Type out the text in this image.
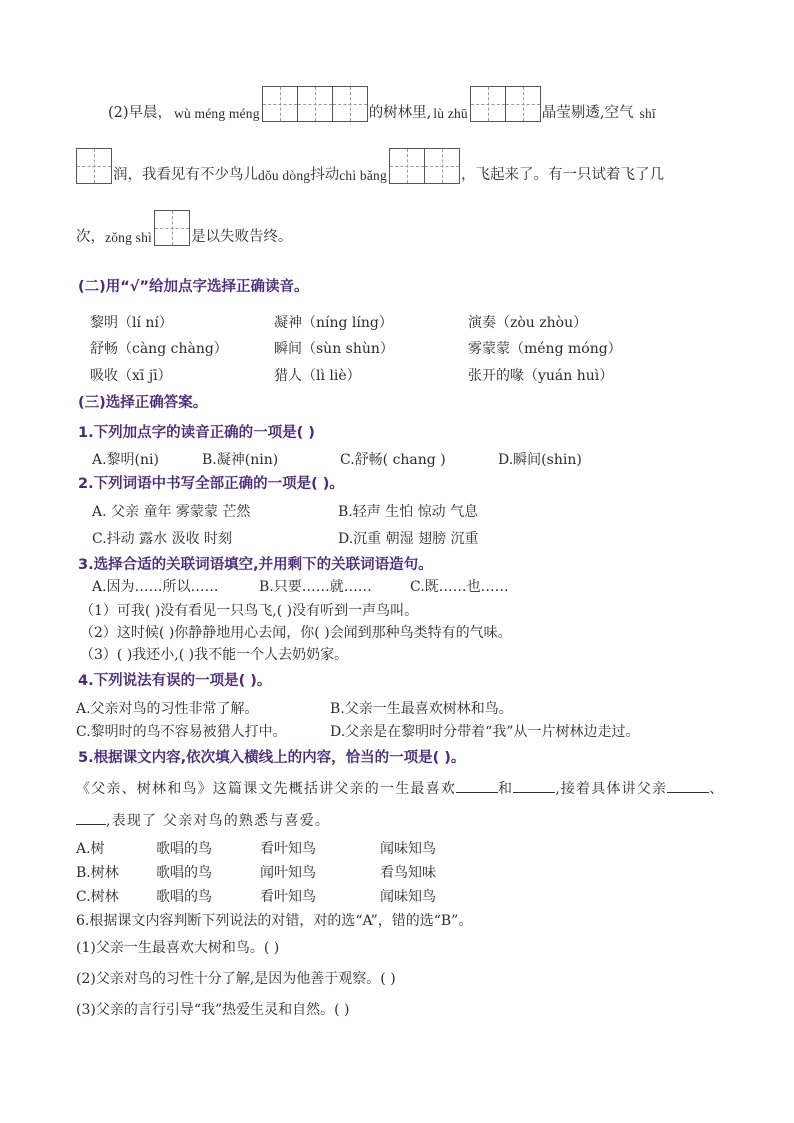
(2)早晨， wù méng méng	的树林里, lù zhū	晶莹剔透,空气 shī
润，我看见有不少鸟儿 dǒu dòng 抖动 chì bǎng	，飞起来了。有一只试着飞了几
次， zǒng shì	是以失败告终。
(二)用“√”给加点字选择正确读音。
黎明（lí ní）	凝神（níng líng）	演奏（zòu zhòu）
舒畅（càng chàng）	瞬间（sùn shùn）	雾蒙蒙（méng móng）
吸收（xī jī）	猎人（lì liè）	张开的喙（yuán huì）
(三)选择正确答案。
1.下列加点字的读音正确的一项是( )
A.黎明(ni)	B.凝神(nin)	C.舒畅( chang )	D.瞬间(shin)
2.下列词语中书写全部正确的一项是( )。
A. 父亲 童年 雾蒙蒙 芒然	B.轻声 生怕 惊动 气息
C.抖动 露水 汲收 时刻	D.沉重 朝湿 翅膀 沉重
3.选择合适的关联词语填空,并用剩下的关联词语造句。
A.因为……所以……	B.只要……就……	C.既……也……
（1）可我( )没有看见一只鸟飞,( )没有听到一声鸟叫。
（2）这时候( )你静静地用心去闻，你( )会闻到那种鸟类特有的气味。
（3）( )我还小,( )我不能一个人去奶奶家。
4.下列说法有误的一项是( )。
A.父亲对鸟的习性非常了解。	B.父亲一生最喜欢树林和鸟。
C.黎明时的鸟不容易被猎人打中。	D.父亲是在黎明时分带着“我”从一片树林边走过。
5.根据课文内容,依次填入横线上的内容，恰当的一项是( )。
《父亲、树林和鸟》这篇课文先概括讲父亲的一生最喜欢	和	,接着具体讲父亲	、
,表现了 父亲对鸟的熟悉与喜爱。
A.树	歌唱的鸟	看叶知鸟	闻味知鸟
B.树林	歌唱的鸟	闻叶知鸟	看鸟知味
C.树林	歌唱的鸟	看叶知鸟	闻味知鸟
6.根据课文内容判断下列说法的对错，对的选“A”，错的选“B”。
(1)父亲一生最喜欢大树和鸟。( )
(2)父亲对鸟的习性十分了解,是因为他善于观察。( )
(3)父亲的言行引导“我”热爱生灵和自然。( )
